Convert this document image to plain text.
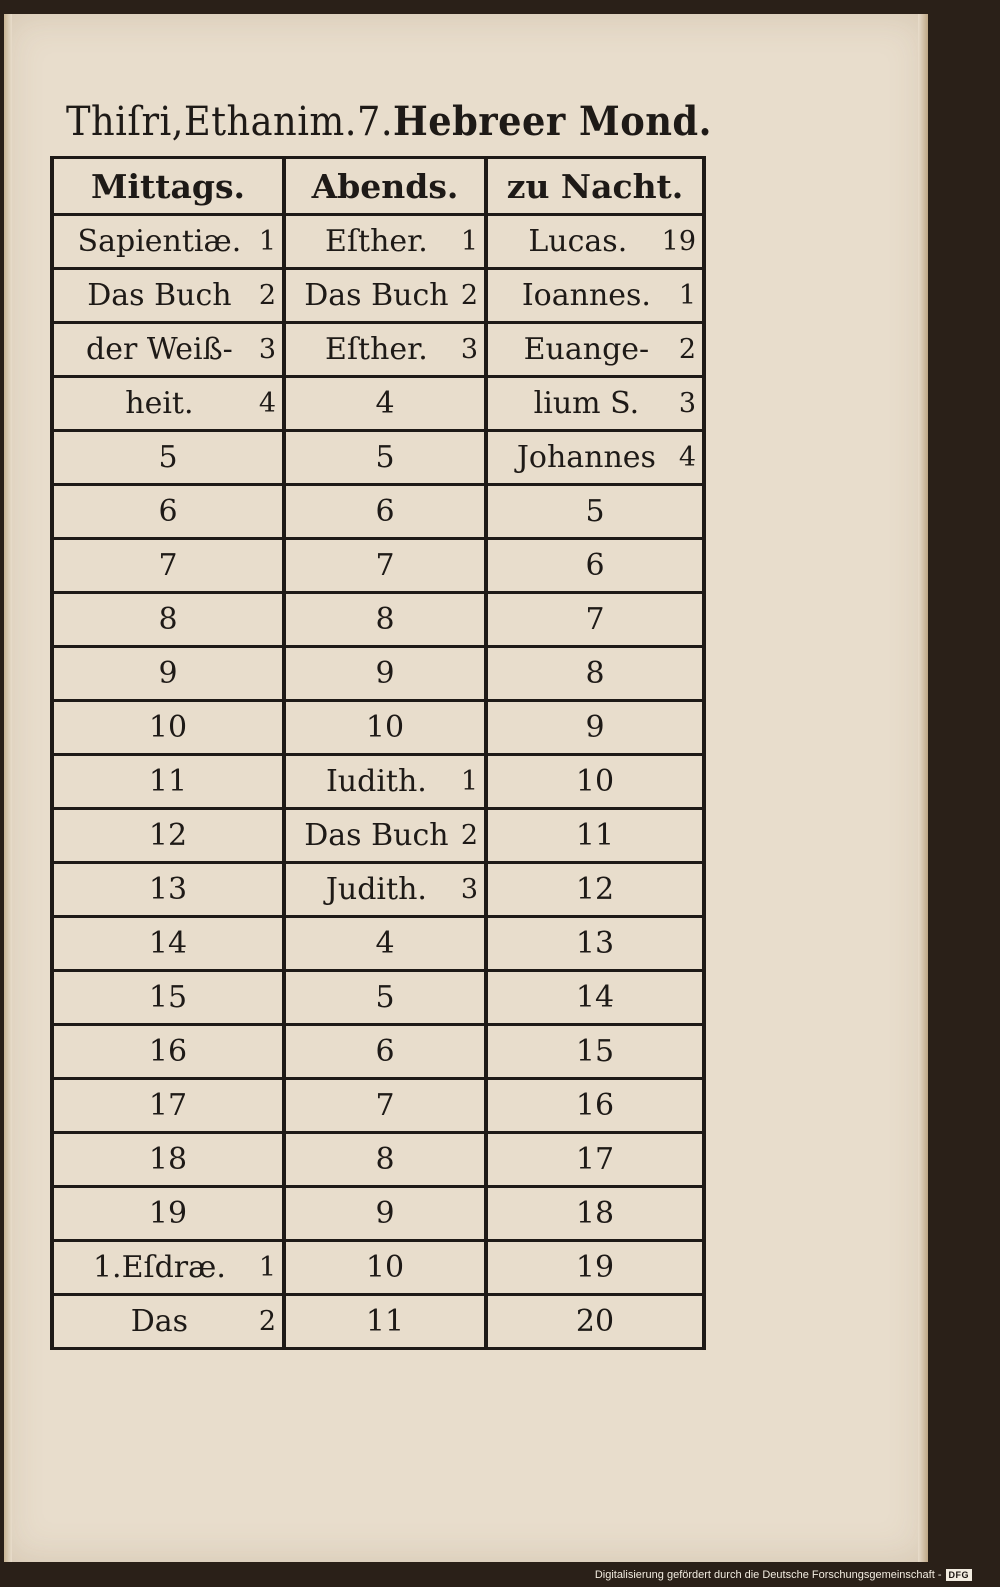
Thiſri,Ethanim.7.Hebreer Mond.
Mittags.	Abends.	zu Nacht.

Sapientiæ. 1	Eſther. 1	Lucas. 19

Das Buch 2	Das Buch 2	Ioannes. 1

der Weiß- 3	Eſther. 3	Euange- 2

heit. 4	4	lium S. 3

5	5	Johannes 4

6	6	5

7	7	6

8	8	7

9	9	8

10	10	9

11	Iudith. 1	10

12	Das Buch 2	11

13	Judith. 3	12

14	4	13

15	5	14

16	6	15

17	7	16

18	8	17

19	9	18

1.Eſdræ. 1	10	19

Das 2	11	20
Digitalisierung gefördert durch die Deutsche Forschungsgemeinschaft - DFG
